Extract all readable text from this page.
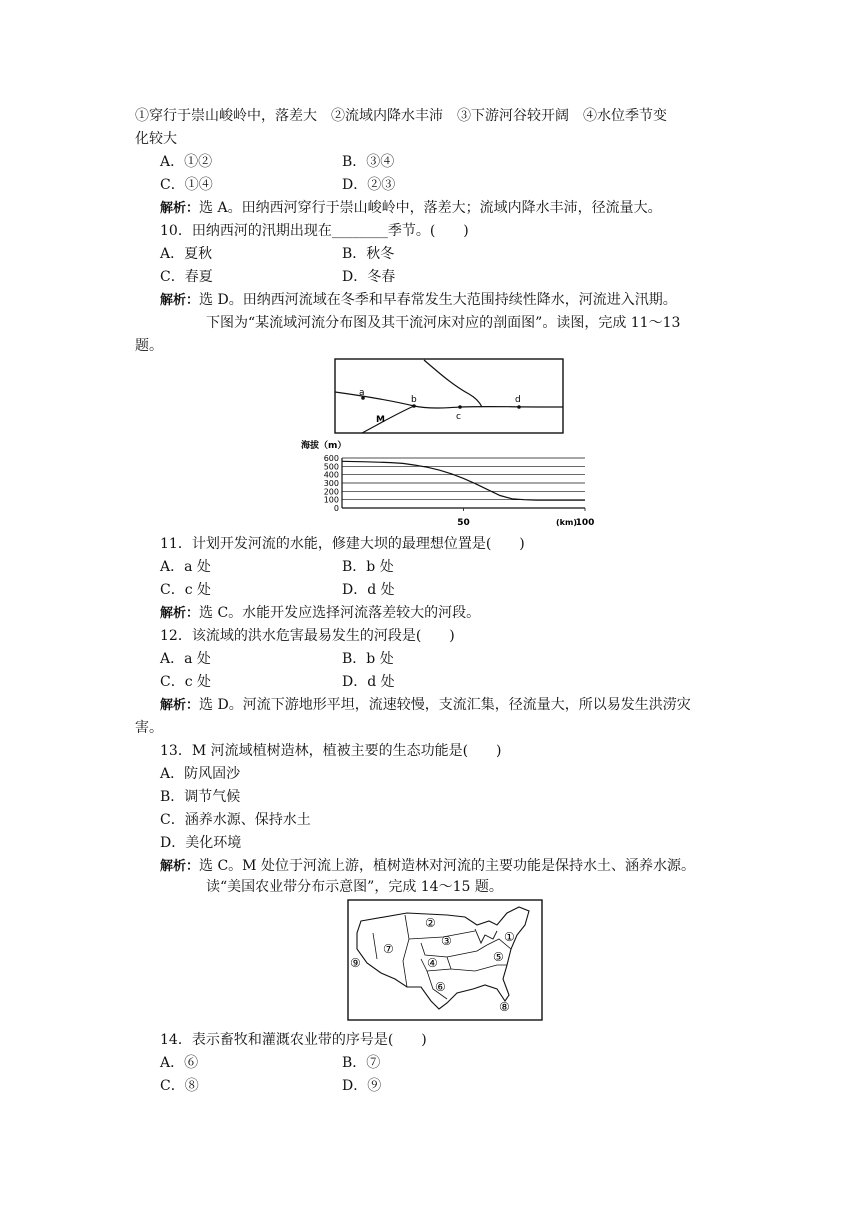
①穿行于崇山峻岭中，落差大　②流域内降水丰沛　③下游河谷较开阔　④水位季节变
化较大
A．①②	B．③④
C．①④	D．②③
解析：选 A。田纳西河穿行于崇山峻岭中，落差大；流域内降水丰沛，径流量大。
10．田纳西河的汛期出现在________季节。(　　)
A．夏秋	B．秋冬
C．春夏	D．冬春
解析：选 D。田纳西河流域在冬季和早春常发生大范围持续性降水，河流进入汛期。
下图为“某流域河流分布图及其干流河床对应的剖面图”。读图，完成 11～13
题。
a
b
M	c
d
海拔（m）
600
500
400
300
200
100
0
50	100
(km)
11．计划开发河流的水能，修建大坝的最理想位置是(　　)
A．a 处	B．b 处
C．c 处	D．d 处
解析：选 C。水能开发应选择河流落差较大的河段。
12．该流域的洪水危害最易发生的河段是(　　)
A．a 处	B．b 处
C．c 处	D．d 处
解析：选 D。河流下游地形平坦，流速较慢，支流汇集，径流量大，所以易发生洪涝灾
害。
13．M 河流域植树造林，植被主要的生态功能是(　　)
A．防风固沙
B．调节气候
C．涵养水源、保持水土
D．美化环境
解析：选 C。M 处位于河流上游，植树造林对河流的主要功能是保持水土、涵养水源。
读“美国农业带分布示意图”，完成 14～15 题。
①
②
③
④	⑤
⑥
⑦
⑧
⑨
14．表示畜牧和灌溉农业带的序号是(　　)
A．⑥	B．⑦
C．⑧	D．⑨
